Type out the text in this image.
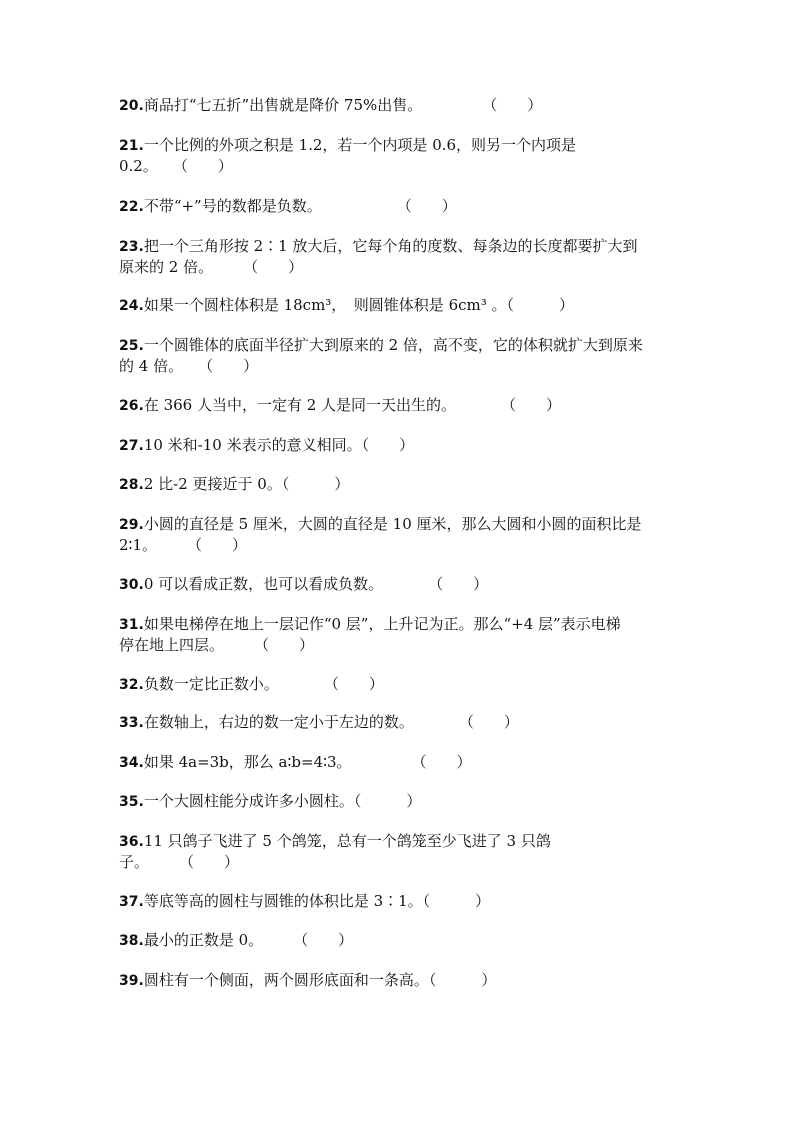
20.商品打“七五折”出售就是降价 75%出售。　　　　　（　　）
21.一个比例的外项之积是 1.2，若一个内项是 0.6，则另一个内项是
0.2。　　（　　）
22.不带“+”号的数都是负数。　　　　　　（　　）
23.把一个三角形按 2∶1 放大后，它每个角的度数、每条边的长度都要扩大到
原来的 2 倍。　　　（　　）
24.如果一个圆柱体积是 18cm³，　则圆锥体积是 6cm³ 。（　　　）
25.一个圆锥体的底面半径扩大到原来的 2 倍，高不变，它的体积就扩大到原来
的 4 倍。　　（　　）
26.在 366 人当中，一定有 2 人是同一天出生的。　　　　（　　）
27.10 米和-10 米表示的意义相同。（　　）
28.2 比-2 更接近于 0。（　　　）
29.小圆的直径是 5 厘米，大圆的直径是 10 厘米，那么大圆和小圆的面积比是
2∶1。　　　（　　）
30.0 可以看成正数，也可以看成负数。　　　　（　　）
31.如果电梯停在地上一层记作“0 层”，上升记为正。那么“+4 层”表示电梯
停在地上四层。　　　（　　）
32.负数一定比正数小。　　　　（　　）
33.在数轴上，右边的数一定小于左边的数。　　　　（　　）
34.如果 4a=3b，那么 a∶b=4∶3。　　　　　（　　）
35.一个大圆柱能分成许多小圆柱。（　　　）
36.11 只鸽子飞进了 5 个鸽笼，总有一个鸽笼至少飞进了 3 只鸽
子。　　　（　　）
37.等底等高的圆柱与圆锥的体积比是 3∶1。（　　　）
38.最小的正数是 0。　　　（　　）
39.圆柱有一个侧面，两个圆形底面和一条高。（　　　）
